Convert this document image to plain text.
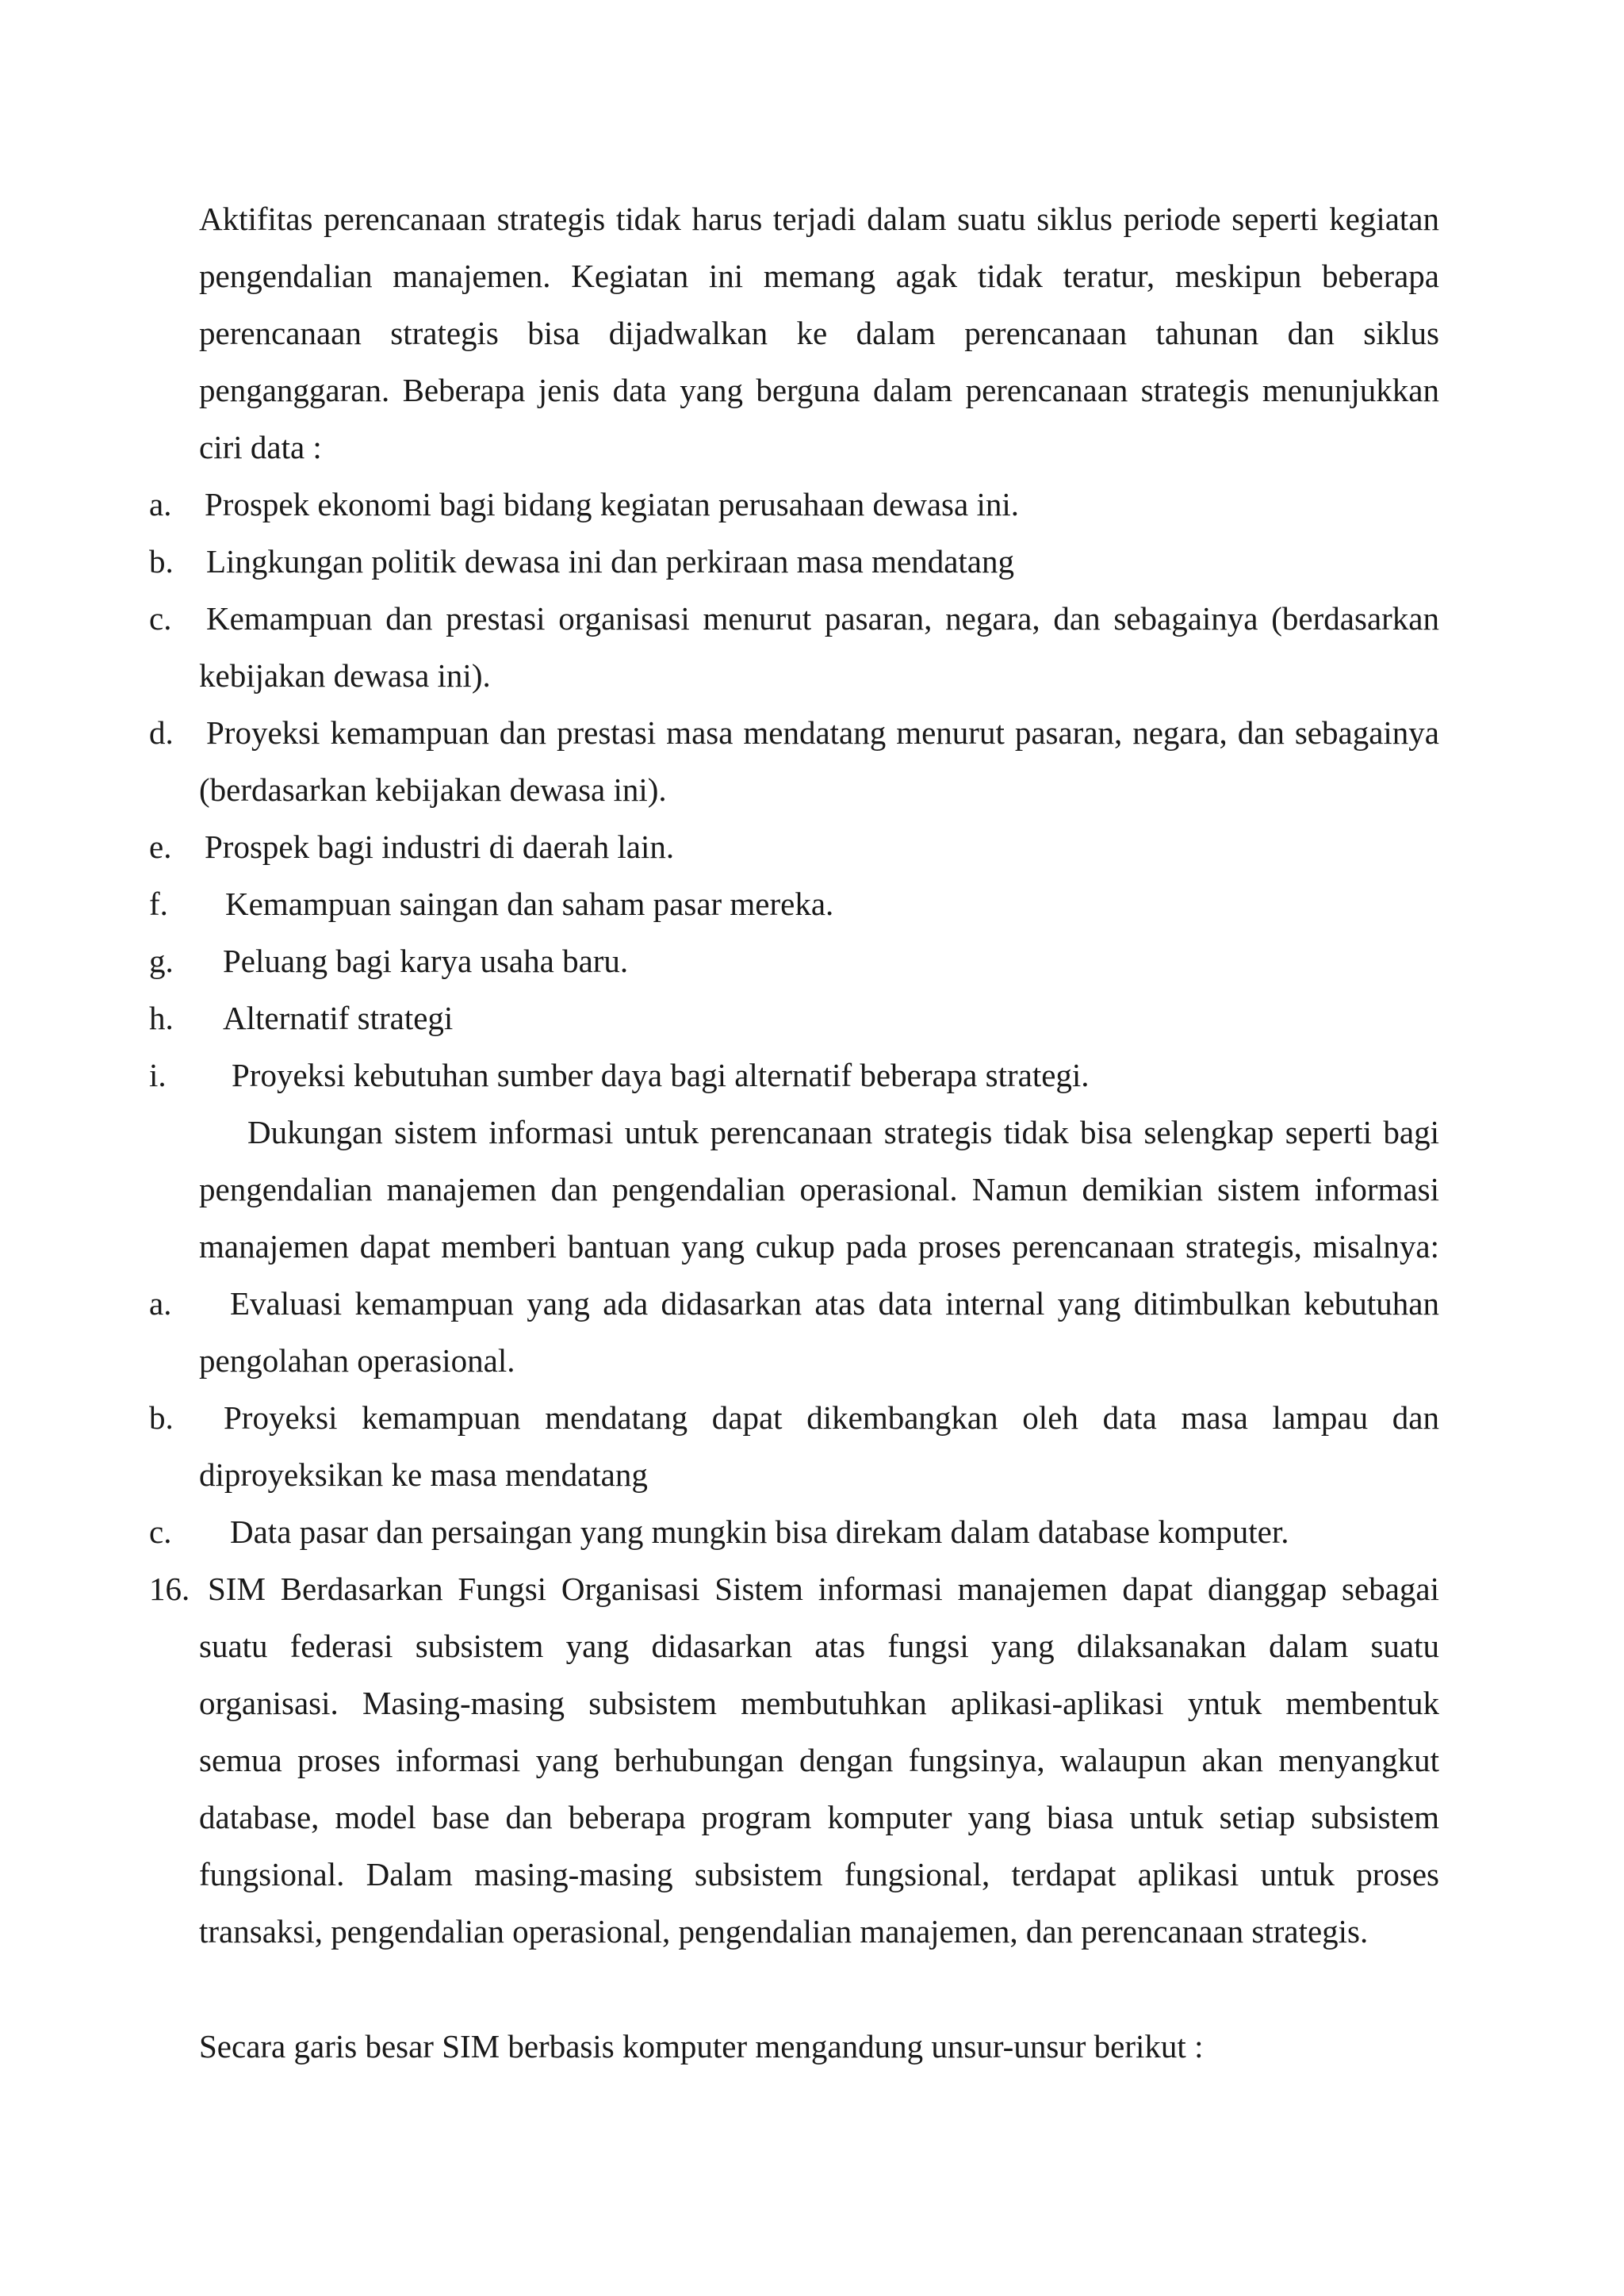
Aktifitas perencanaan strategis tidak harus terjadi dalam suatu siklus periode seperti kegiatan
pengendalian manajemen. Kegiatan ini memang agak tidak teratur, meskipun beberapa
perencanaan strategis bisa dijadwalkan ke dalam perencanaan tahunan dan siklus
penganggaran. Beberapa jenis data yang berguna dalam perencanaan strategis menunjukkan
ciri data :
a. Prospek ekonomi bagi bidang kegiatan perusahaan dewasa ini.
b. Lingkungan politik dewasa ini dan perkiraan masa mendatang
c. Kemampuan dan prestasi organisasi menurut pasaran, negara, dan sebagainya (berdasarkan
kebijakan dewasa ini).
d. Proyeksi kemampuan dan prestasi masa mendatang menurut pasaran, negara, dan sebagainya
(berdasarkan kebijakan dewasa ini).
e. Prospek bagi industri di daerah lain.
f. Kemampuan saingan dan saham pasar mereka.
g. Peluang bagi karya usaha baru.
h. Alternatif strategi
i. Proyeksi kebutuhan sumber daya bagi alternatif beberapa strategi.
Dukungan sistem informasi untuk perencanaan strategis tidak bisa selengkap seperti bagi
pengendalian manajemen dan pengendalian operasional. Namun demikian sistem informasi
manajemen dapat memberi bantuan yang cukup pada proses perencanaan strategis, misalnya:
a. Evaluasi kemampuan yang ada didasarkan atas data internal yang ditimbulkan kebutuhan
pengolahan operasional.
b. Proyeksi kemampuan mendatang dapat dikembangkan oleh data masa lampau dan
diproyeksikan ke masa mendatang
c. Data pasar dan persaingan yang mungkin bisa direkam dalam database komputer.
16. SIM Berdasarkan Fungsi Organisasi Sistem informasi manajemen dapat dianggap sebagai
suatu federasi subsistem yang didasarkan atas fungsi yang dilaksanakan dalam suatu
organisasi. Masing-masing subsistem membutuhkan aplikasi-aplikasi yntuk membentuk
semua proses informasi yang berhubungan dengan fungsinya, walaupun akan menyangkut
database, model base dan beberapa program komputer yang biasa untuk setiap subsistem
fungsional. Dalam masing-masing subsistem fungsional, terdapat aplikasi untuk proses
transaksi, pengendalian operasional, pengendalian manajemen, dan perencanaan strategis.
Secara garis besar SIM berbasis komputer mengandung unsur-unsur berikut :
